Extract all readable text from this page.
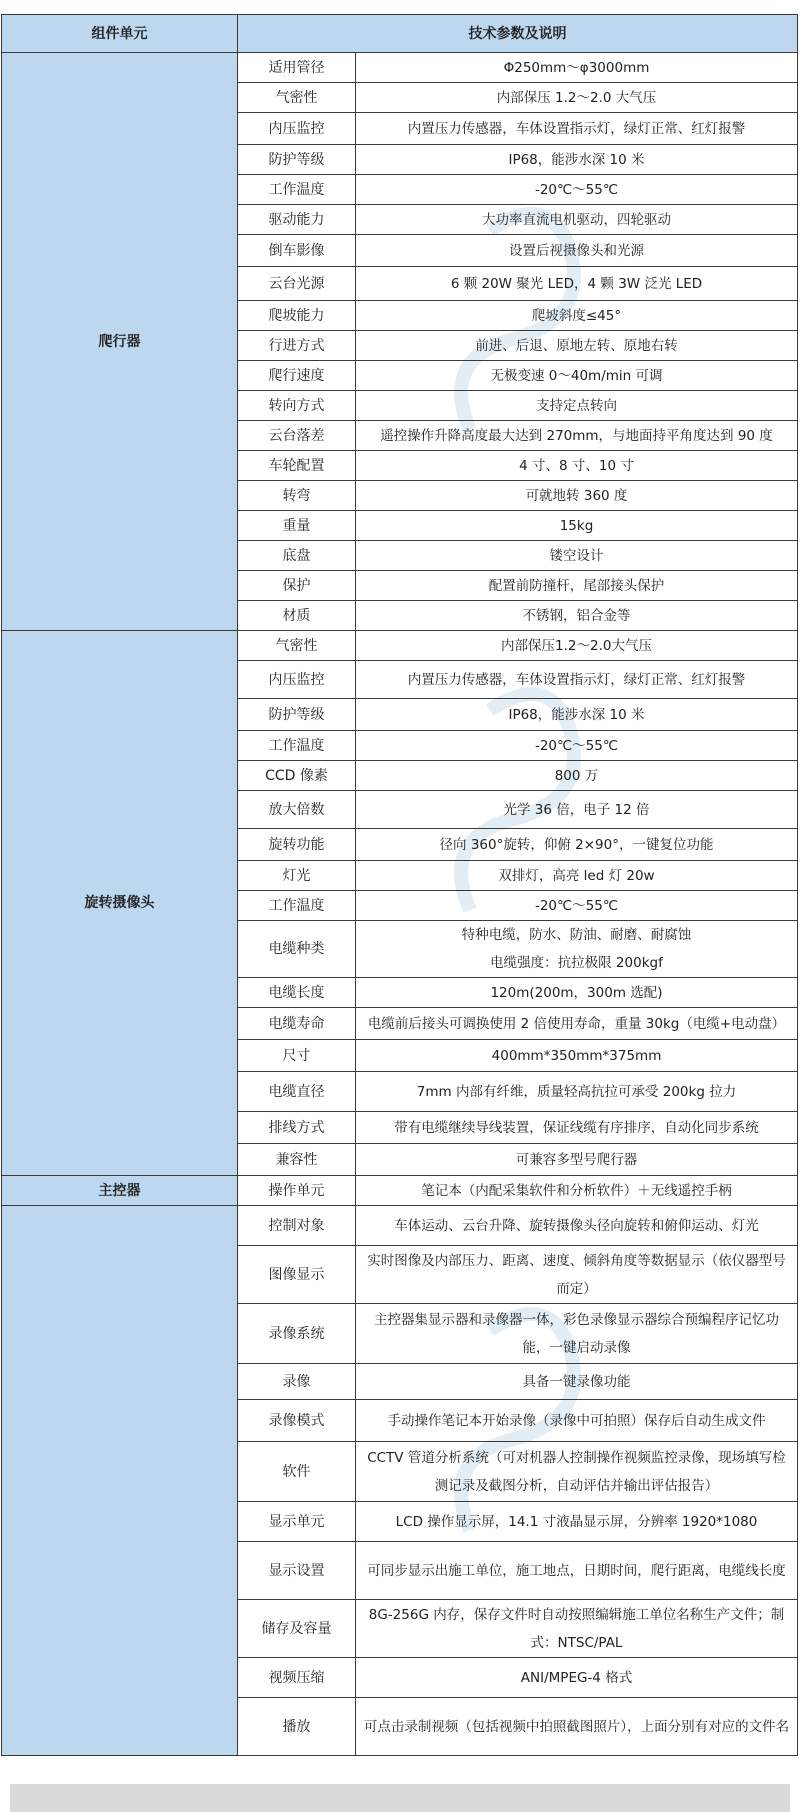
组件单元	技术参数及说明	
爬行器	适用管径	Φ250mm～φ3000mm
	气密性	内部保压 1.2～2.0 大气压
	内压监控	内置压力传感器，车体设置指示灯，绿灯正常、红灯报警
	防护等级	IP68，能涉水深 10 米
	工作温度	-20℃～55℃
	驱动能力	大功率直流电机驱动，四轮驱动
	倒车影像	设置后视摄像头和光源
	云台光源	6 颗 20W 聚光 LED，4 颗 3W 泛光 LED
	爬坡能力	爬坡斜度≤45°
	行进方式	前进、后退、原地左转、原地右转
	爬行速度	无极变速 0～40m/min 可调
	转向方式	支持定点转向
	云台落差	遥控操作升降高度最大达到 270mm，与地面持平角度达到 90 度
	车轮配置	4 寸、8 寸、10 寸
	转弯	可就地转 360 度
	重量	15kg
	底盘	镂空设计
	保护	配置前防撞杆，尾部接头保护
	材质	不锈钢，铝合金等
旋转摄像头	气密性	内部保压1.2～2.0大气压
	内压监控	内置压力传感器，车体设置指示灯，绿灯正常、红灯报警
	防护等级	IP68，能涉水深 10 米
	工作温度	-20℃～55℃
	CCD 像素	800 万
	放大倍数	光学 36 倍，电子 12 倍
	旋转功能	径向 360°旋转，仰俯 2×90°，一键复位功能
	灯光	双排灯，高亮 led 灯 20w
	工作温度	-20℃～55℃
	电缆种类	特种电缆，防水、防油、耐磨、耐腐蚀
电缆强度：抗拉极限 200kgf
	电缆长度	120m(200m，300m 选配)
	电缆寿命	电缆前后接头可调换使用 2 倍使用寿命，重量 30kg（电缆+电动盘）
	尺寸	400mm*350mm*375mm
	电缆直径	7mm 内部有纤维，质量轻高抗拉可承受 200kg 拉力
	排线方式	带有电缆继续导线装置，保证线缆有序排序，自动化同步系统
	兼容性	可兼容多型号爬行器
主控器	操作单元	笔记本（内配采集软件和分析软件）＋无线遥控手柄
	控制对象	车体运动、云台升降、旋转摄像头径向旋转和俯仰运动、灯光
	图像显示	实时图像及内部压力、距离、速度、倾斜角度等数据显示（依仪器型号而定）
	录像系统	主控器集显示器和录像器一体，彩色录像显示器综合预编程序记忆功能，一键启动录像
	录像	具备一键录像功能
	录像模式	手动操作笔记本开始录像（录像中可拍照）保存后自动生成文件
	软件	CCTV 管道分析系统（可对机器人控制操作视频监控录像，现场填写检测记录及截图分析，自动评估并输出评估报告）
	显示单元	LCD 操作显示屏，14.1 寸液晶显示屏，分辨率 1920*1080
	显示设置	可同步显示出施工单位，施工地点，日期时间，爬行距离，电缆线长度
	储存及容量	8G-256G 内存，保存文件时自动按照编辑施工单位名称生产文件；制式：NTSC/PAL
	视频压缩	ANI/MPEG-4 格式
	播放	可点击录制视频（包括视频中拍照截图照片），上面分别有对应的文件名
